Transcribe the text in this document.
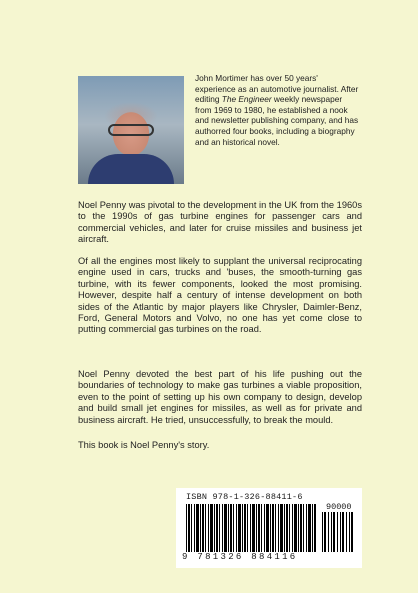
John Mortimer has over 50 years' experience as an automotive journalist. After editing The Engineer weekly newspaper from 1969 to 1980, he established a nook and newsletter publishing company, and has authorred four books, including a biography and an historical novel.

Noel Penny was pivotal to the development in the UK from the 1960s to the 1990s of gas turbine engines for passenger cars and commercial vehicles, and later for cruise missiles and business jet aircraft.

Of all the engines most likely to supplant the universal reciprocating engine used in cars, trucks and 'buses, the smooth-turning gas turbine, with its fewer components, looked the most promising. However, despite half a century of intense development on both sides of the Atlantic by major players like Chrysler, Daimler-Benz, Ford, General Motors and Volvo, no one has yet come close to putting commercial gas turbines on the road.

Noel Penny devoted the best part of his life pushing out the boundaries of technology to make gas turbines a viable proposition, even to the point of setting up his own company to design, develop and build small jet engines for missiles, as well as for private and business aircraft. He tried, unsuccessfully, to break the mould.

This book is Noel Penny's story.

ISBN 978-1-326-88411-6
90000
9 781326 884116
